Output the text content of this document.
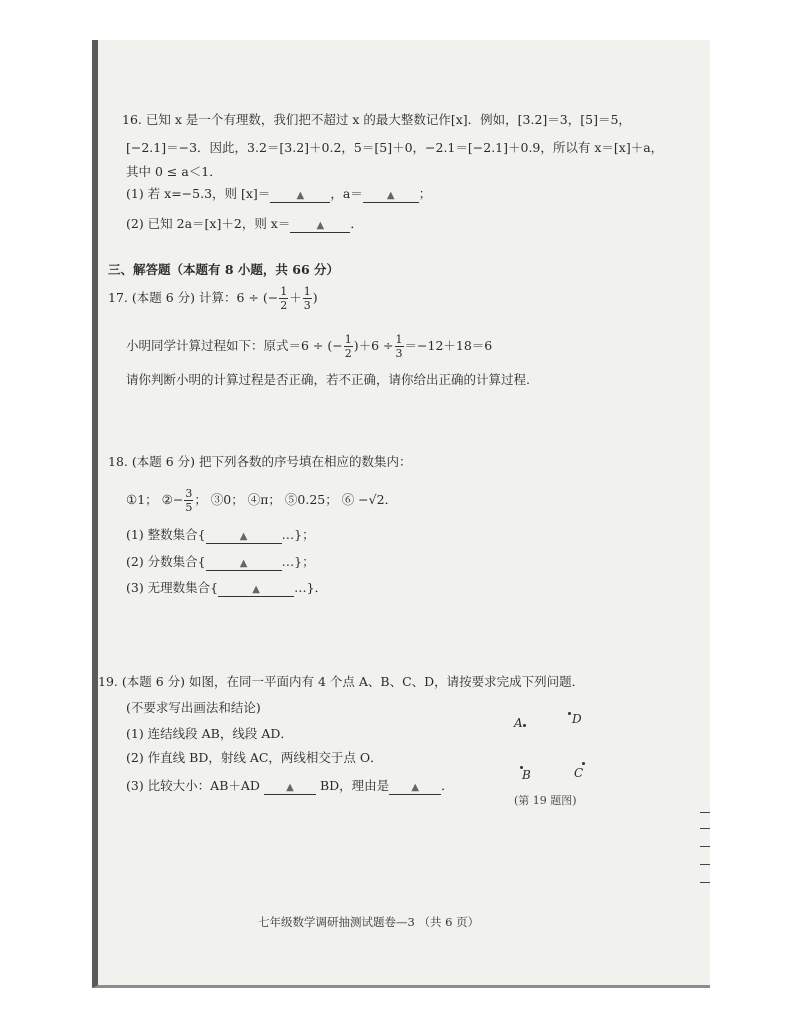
16. 已知 x 是一个有理数，我们把不超过 x 的最大整数记作[x]．例如，[3.2]＝3，[5]＝5，
[−2.1]＝−3．因此，3.2＝[3.2]＋0.2，5＝[5]＋0，−2.1＝[−2.1]＋0.9，所以有 x＝[x]＋a，
其中 0 ≤ a＜1．
(1) 若 x=−5.3，则 [x]＝	▲ ，a＝ ▲ ；
(2) 已知 2a＝[x]＋2，则 x＝	▲ ．
三、解答题（本题有 8 小题，共 66 分）
17. (本题 6 分) 计算：6 ÷ (− $\frac{1}{2} + \frac{1}{3}$ )
小明同学计算过程如下：原式＝6 ÷ (− $\frac{1}{2} )+6 \div \frac{1}{3} =-12+18=6$
请你判断小明的计算过程是否正确，若不正确，请你给出正确的计算过程.
18. (本题 6 分) 把下列各数的序号填在相应的数集内：
①1； ②− $\frac{3}{5}$ ； ③0； ④π； ⑤0.25； ⑥ −√2．
(1) 整数集合{	▲	…}；
(2) 分数集合{	▲	…}；
(3) 无理数集合{	▲	…}．
19. (本题 6 分) 如图，在同一平面内有 4 个点 A、B、C、D，请按要求完成下列问题．
(不要求写出画法和结论)
(1) 连结线段 AB，线段 AD．
(2) 作直线 BD，射线 AC，两线相交于点 O．
(3) 比较大小：AB＋AD	▲ BD，理由是 ▲ ．
A	D
B	C
(第 19 题图)
七年级数学调研抽测试题卷—3 （共 6 页）
